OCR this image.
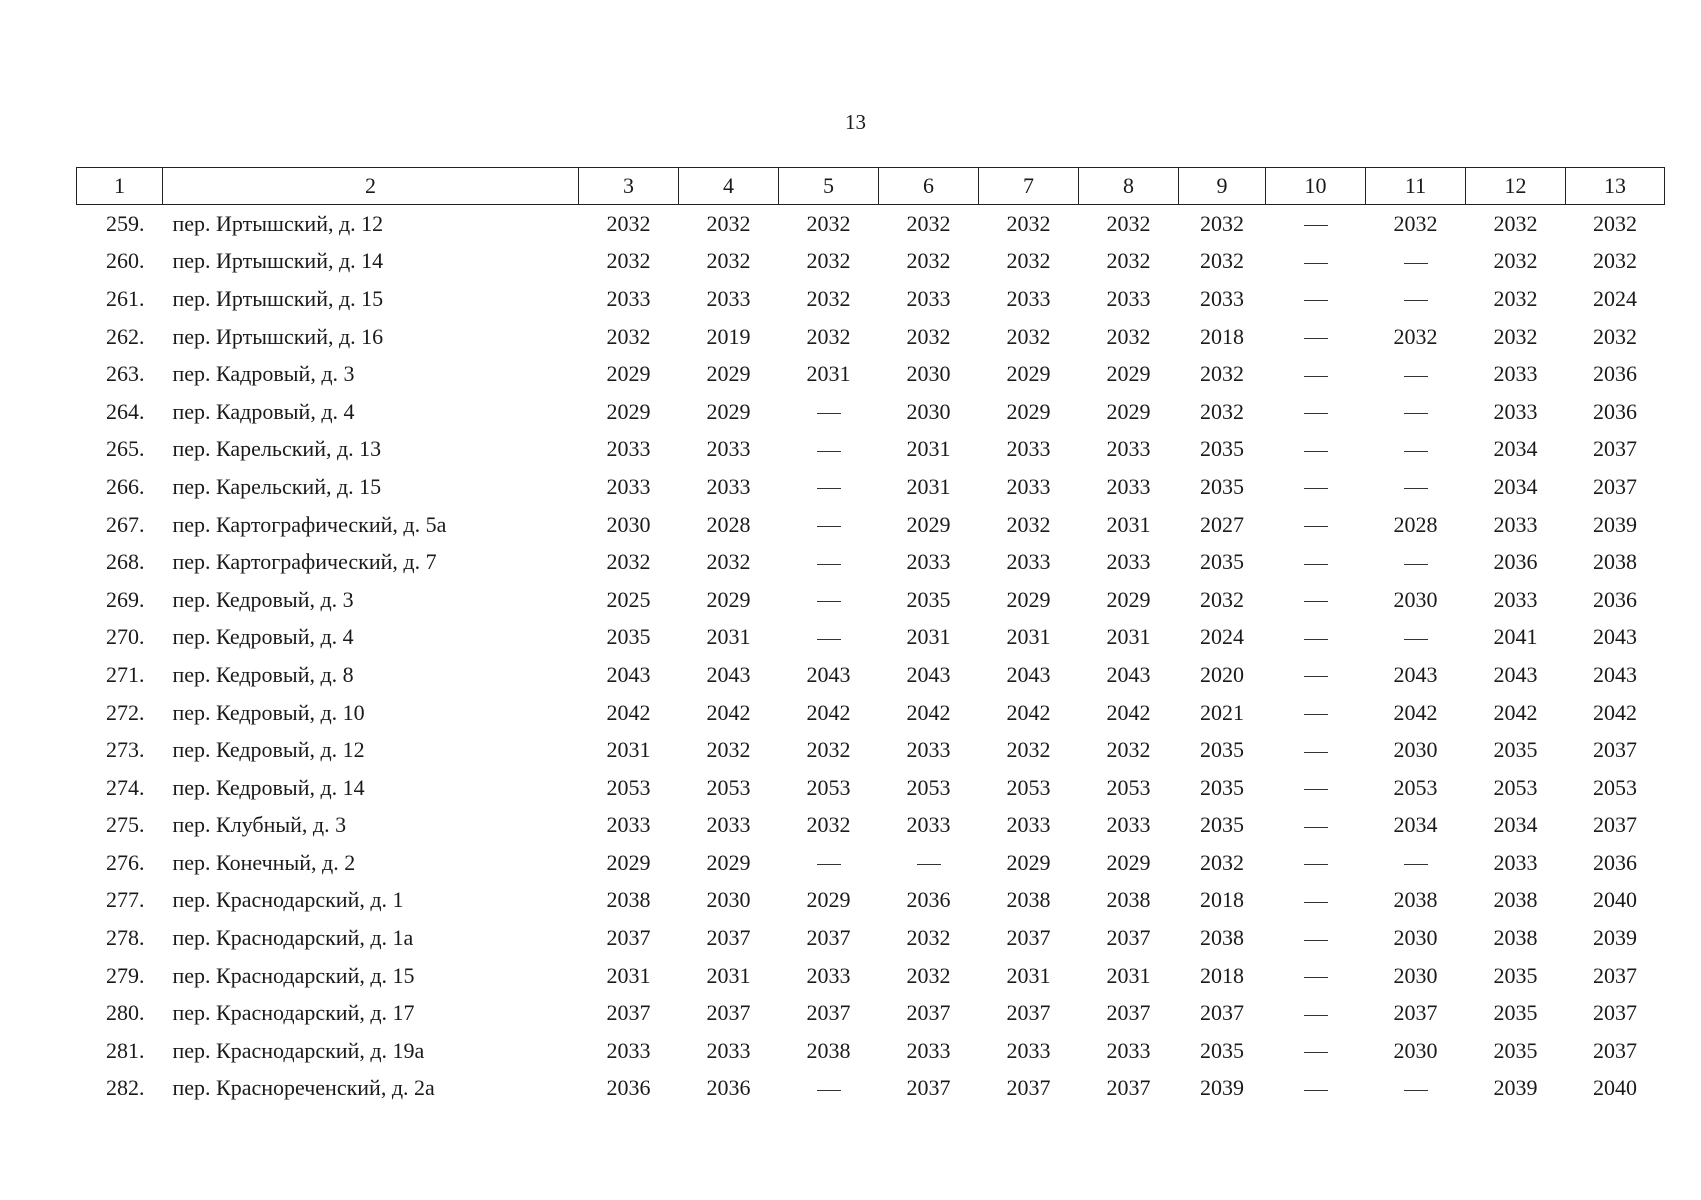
13
1	2	3	4	5	6	7	8	9	10	11	12	13
259.	пер. Иртышский, д. 12	2032	2032	2032	2032	2032	2032	2032		2032	2032	2032
260.	пер. Иртышский, д. 14	2032	2032	2032	2032	2032	2032	2032			2032	2032
261.	пер. Иртышский, д. 15	2033	2033	2032	2033	2033	2033	2033			2032	2024
262.	пер. Иртышский, д. 16	2032	2019	2032	2032	2032	2032	2018		2032	2032	2032
263.	пер. Кадровый, д. 3	2029	2029	2031	2030	2029	2029	2032			2033	2036
264.	пер. Кадровый, д. 4	2029	2029		2030	2029	2029	2032			2033	2036
265.	пер. Карельский, д. 13	2033	2033		2031	2033	2033	2035			2034	2037
266.	пер. Карельский, д. 15	2033	2033		2031	2033	2033	2035			2034	2037
267.	пер. Картографический, д. 5а	2030	2028		2029	2032	2031	2027		2028	2033	2039
268.	пер. Картографический, д. 7	2032	2032		2033	2033	2033	2035			2036	2038
269.	пер. Кедровый, д. 3	2025	2029		2035	2029	2029	2032		2030	2033	2036
270.	пер. Кедровый, д. 4	2035	2031		2031	2031	2031	2024			2041	2043
271.	пер. Кедровый, д. 8	2043	2043	2043	2043	2043	2043	2020		2043	2043	2043
272.	пер. Кедровый, д. 10	2042	2042	2042	2042	2042	2042	2021		2042	2042	2042
273.	пер. Кедровый, д. 12	2031	2032	2032	2033	2032	2032	2035		2030	2035	2037
274.	пер. Кедровый, д. 14	2053	2053	2053	2053	2053	2053	2035		2053	2053	2053
275.	пер. Клубный, д. 3	2033	2033	2032	2033	2033	2033	2035		2034	2034	2037
276.	пер. Конечный, д. 2	2029	2029			2029	2029	2032			2033	2036
277.	пер. Краснодарский, д. 1	2038	2030	2029	2036	2038	2038	2018		2038	2038	2040
278.	пер. Краснодарский, д. 1а	2037	2037	2037	2032	2037	2037	2038		2030	2038	2039
279.	пер. Краснодарский, д. 15	2031	2031	2033	2032	2031	2031	2018		2030	2035	2037
280.	пер. Краснодарский, д. 17	2037	2037	2037	2037	2037	2037	2037		2037	2035	2037
281.	пер. Краснодарский, д. 19а	2033	2033	2038	2033	2033	2033	2035		2030	2035	2037
282.	пер. Краснореченский, д. 2а	2036	2036		2037	2037	2037	2039			2039	2040
